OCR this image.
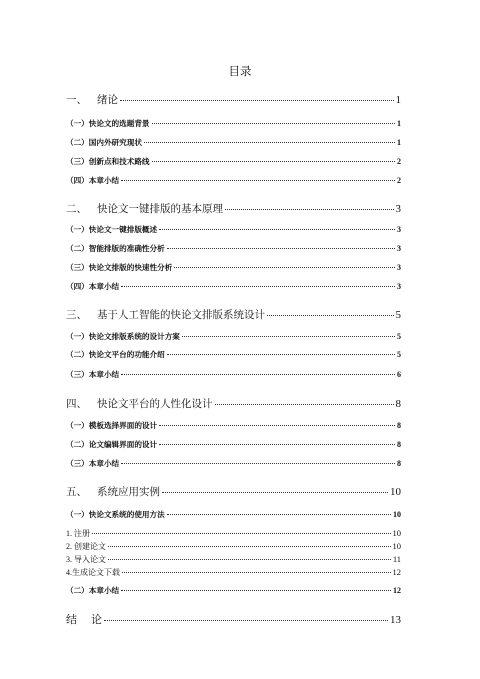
目录
一、 绪论	1
（一）快论文的选题背景	1
（二）国内外研究现状	1
（三）创新点和技术路线	2
（四）本章小结	2
二、 快论文一键排版的基本原理	3
（一）快论文一键排版概述	3
（二）智能排版的准确性分析	3
（三）快论文排版的快速性分析	3
（四）本章小结	3
三、 基于人工智能的快论文排版系统设计	5
（一）快论文排版系统的设计方案	5
（二）快论文平台的功能介绍	5
（三）本章小结	6
四、 快论文平台的人性化设计	8
（一）模板选择界面的设计	8
（二）论文编辑界面的设计	8
（三）本章小结	8
五、 系统应用实例	10
（一）快论文系统的使用方法	10
1. 注册	10
2. 创建论文	10
3. 导入论文	11
4.生成论文下载	12
（二）本章小结	12
结    论	13
